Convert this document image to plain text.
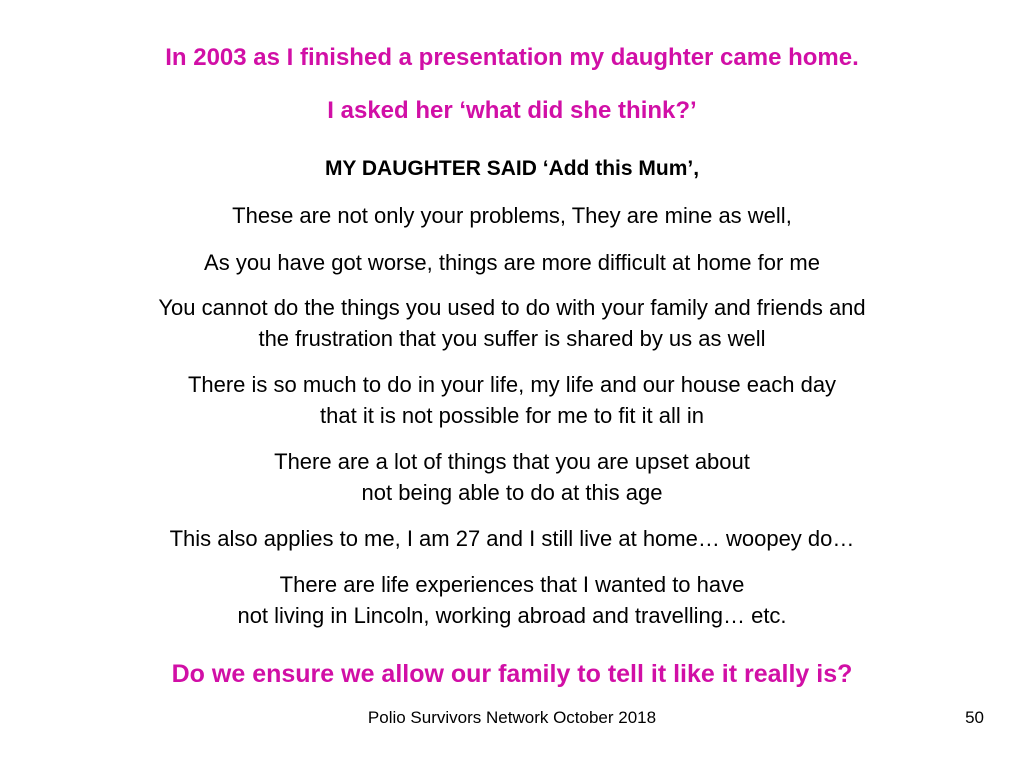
In 2003 as I finished a presentation my daughter came home.
I asked her ‘what did she think?’
MY DAUGHTER SAID ‘Add this Mum’,
These are not only your problems, They are mine as well,
As you have got worse, things are more difficult at home for me
You cannot do the things you used to do with your family and friends and
the frustration that you suffer is shared by us as well
There is so much to do in your life, my life and our house each day
that it is not possible for me to fit it all in
There are a lot of things that you are upset about
not being able to do at this age
This also applies to me, I am 27 and I still live at home… woopey do…
There are life experiences that I wanted to have
not living in Lincoln, working abroad and travelling… etc.
Do we ensure we allow our family to tell it like it really is?
Polio Survivors Network October 2018	50
